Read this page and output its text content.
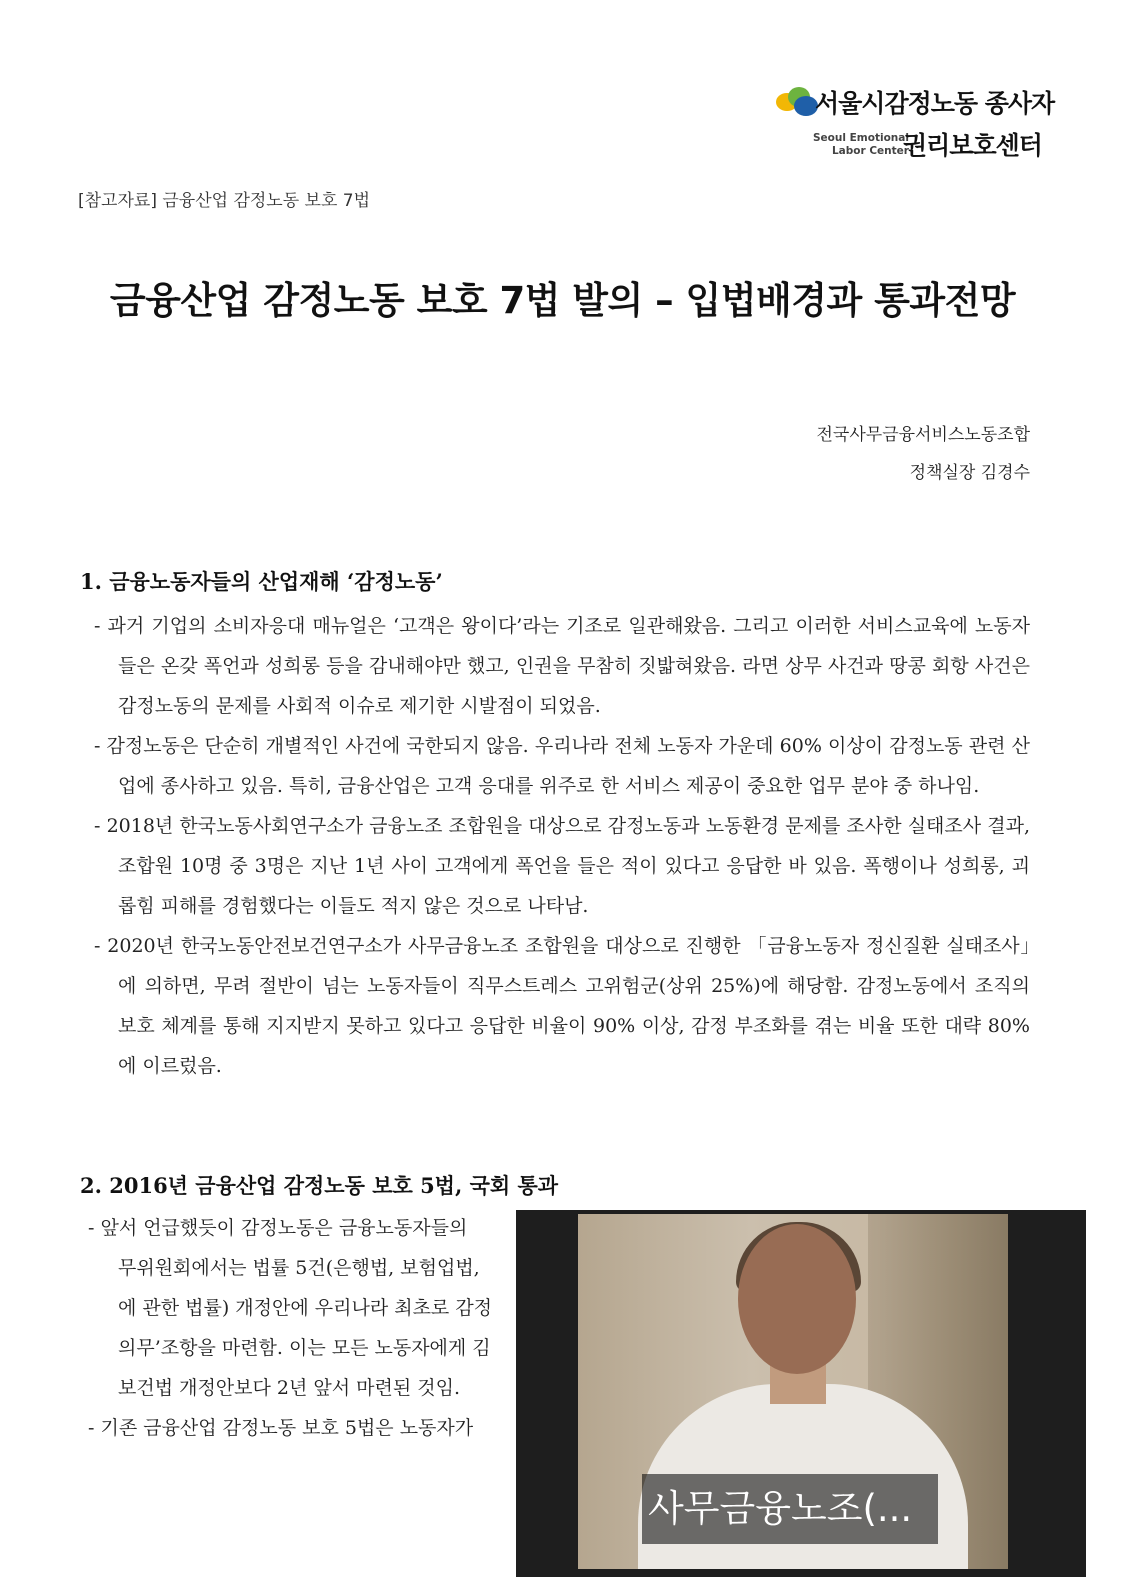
서울시감정노동 종사자
Seoul Emotional
Labor Center
권리보호센터
[참고자료] 금융산업 감정노동 보호 7법
금융산업 감정노동 보호 7법 발의 – 입법배경과 통과전망
전국사무금융서비스노동조합
정책실장 김경수
1. 금융노동자들의 산업재해 ‘감정노동’
- 과거 기업의 소비자응대 매뉴얼은 ‘고객은 왕이다’라는 기조로 일관해왔음. 그리고 이러한 서비스교육에 노동자들은 온갖 폭언과 성희롱 등을 감내해야만 했고, 인권을 무참히 짓밟혀왔음. 라면 상무 사건과 땅콩 회항 사건은 감정노동의 문제를 사회적 이슈로 제기한 시발점이 되었음.
- 감정노동은 단순히 개별적인 사건에 국한되지 않음. 우리나라 전체 노동자 가운데 60% 이상이 감정노동 관련 산업에 종사하고 있음. 특히, 금융산업은 고객 응대를 위주로 한 서비스 제공이 중요한 업무 분야 중 하나임.
- 2018년 한국노동사회연구소가 금융노조 조합원을 대상으로 감정노동과 노동환경 문제를 조사한 실태조사 결과, 조합원 10명 중 3명은 지난 1년 사이 고객에게 폭언을 들은 적이 있다고 응답한 바 있음. 폭행이나 성희롱, 괴롭힘 피해를 경험했다는 이들도 적지 않은 것으로 나타남.
- 2020년 한국노동안전보건연구소가 사무금융노조 조합원을 대상으로 진행한 「금융노동자 정신질환 실태조사」에 의하면, 무려 절반이 넘는 노동자들이 직무스트레스 고위험군(상위 25%)에 해당함. 감정노동에서 조직의 보호 체계를 통해 지지받지 못하고 있다고 응답한 비율이 90% 이상, 감정 부조화를 겪는 비율 또한 대략 80%에 이르렀음.
2. 2016년 금융산업 감정노동 보호 5법, 국회 통과
- 앞서 언급했듯이 감정노동은 금융노동자들의
무위원회에서는 법률 5건(은행법, 보험업법,
에 관한 법률) 개정안에 우리나라 최초로 감정
의무’조항을 마련함. 이는 모든 노동자에게 김
보건법 개정안보다 2년 앞서 마련된 것임.
- 기존 금융산업 감정노동 보호 5법은 노동자가
사무금융노조(...
